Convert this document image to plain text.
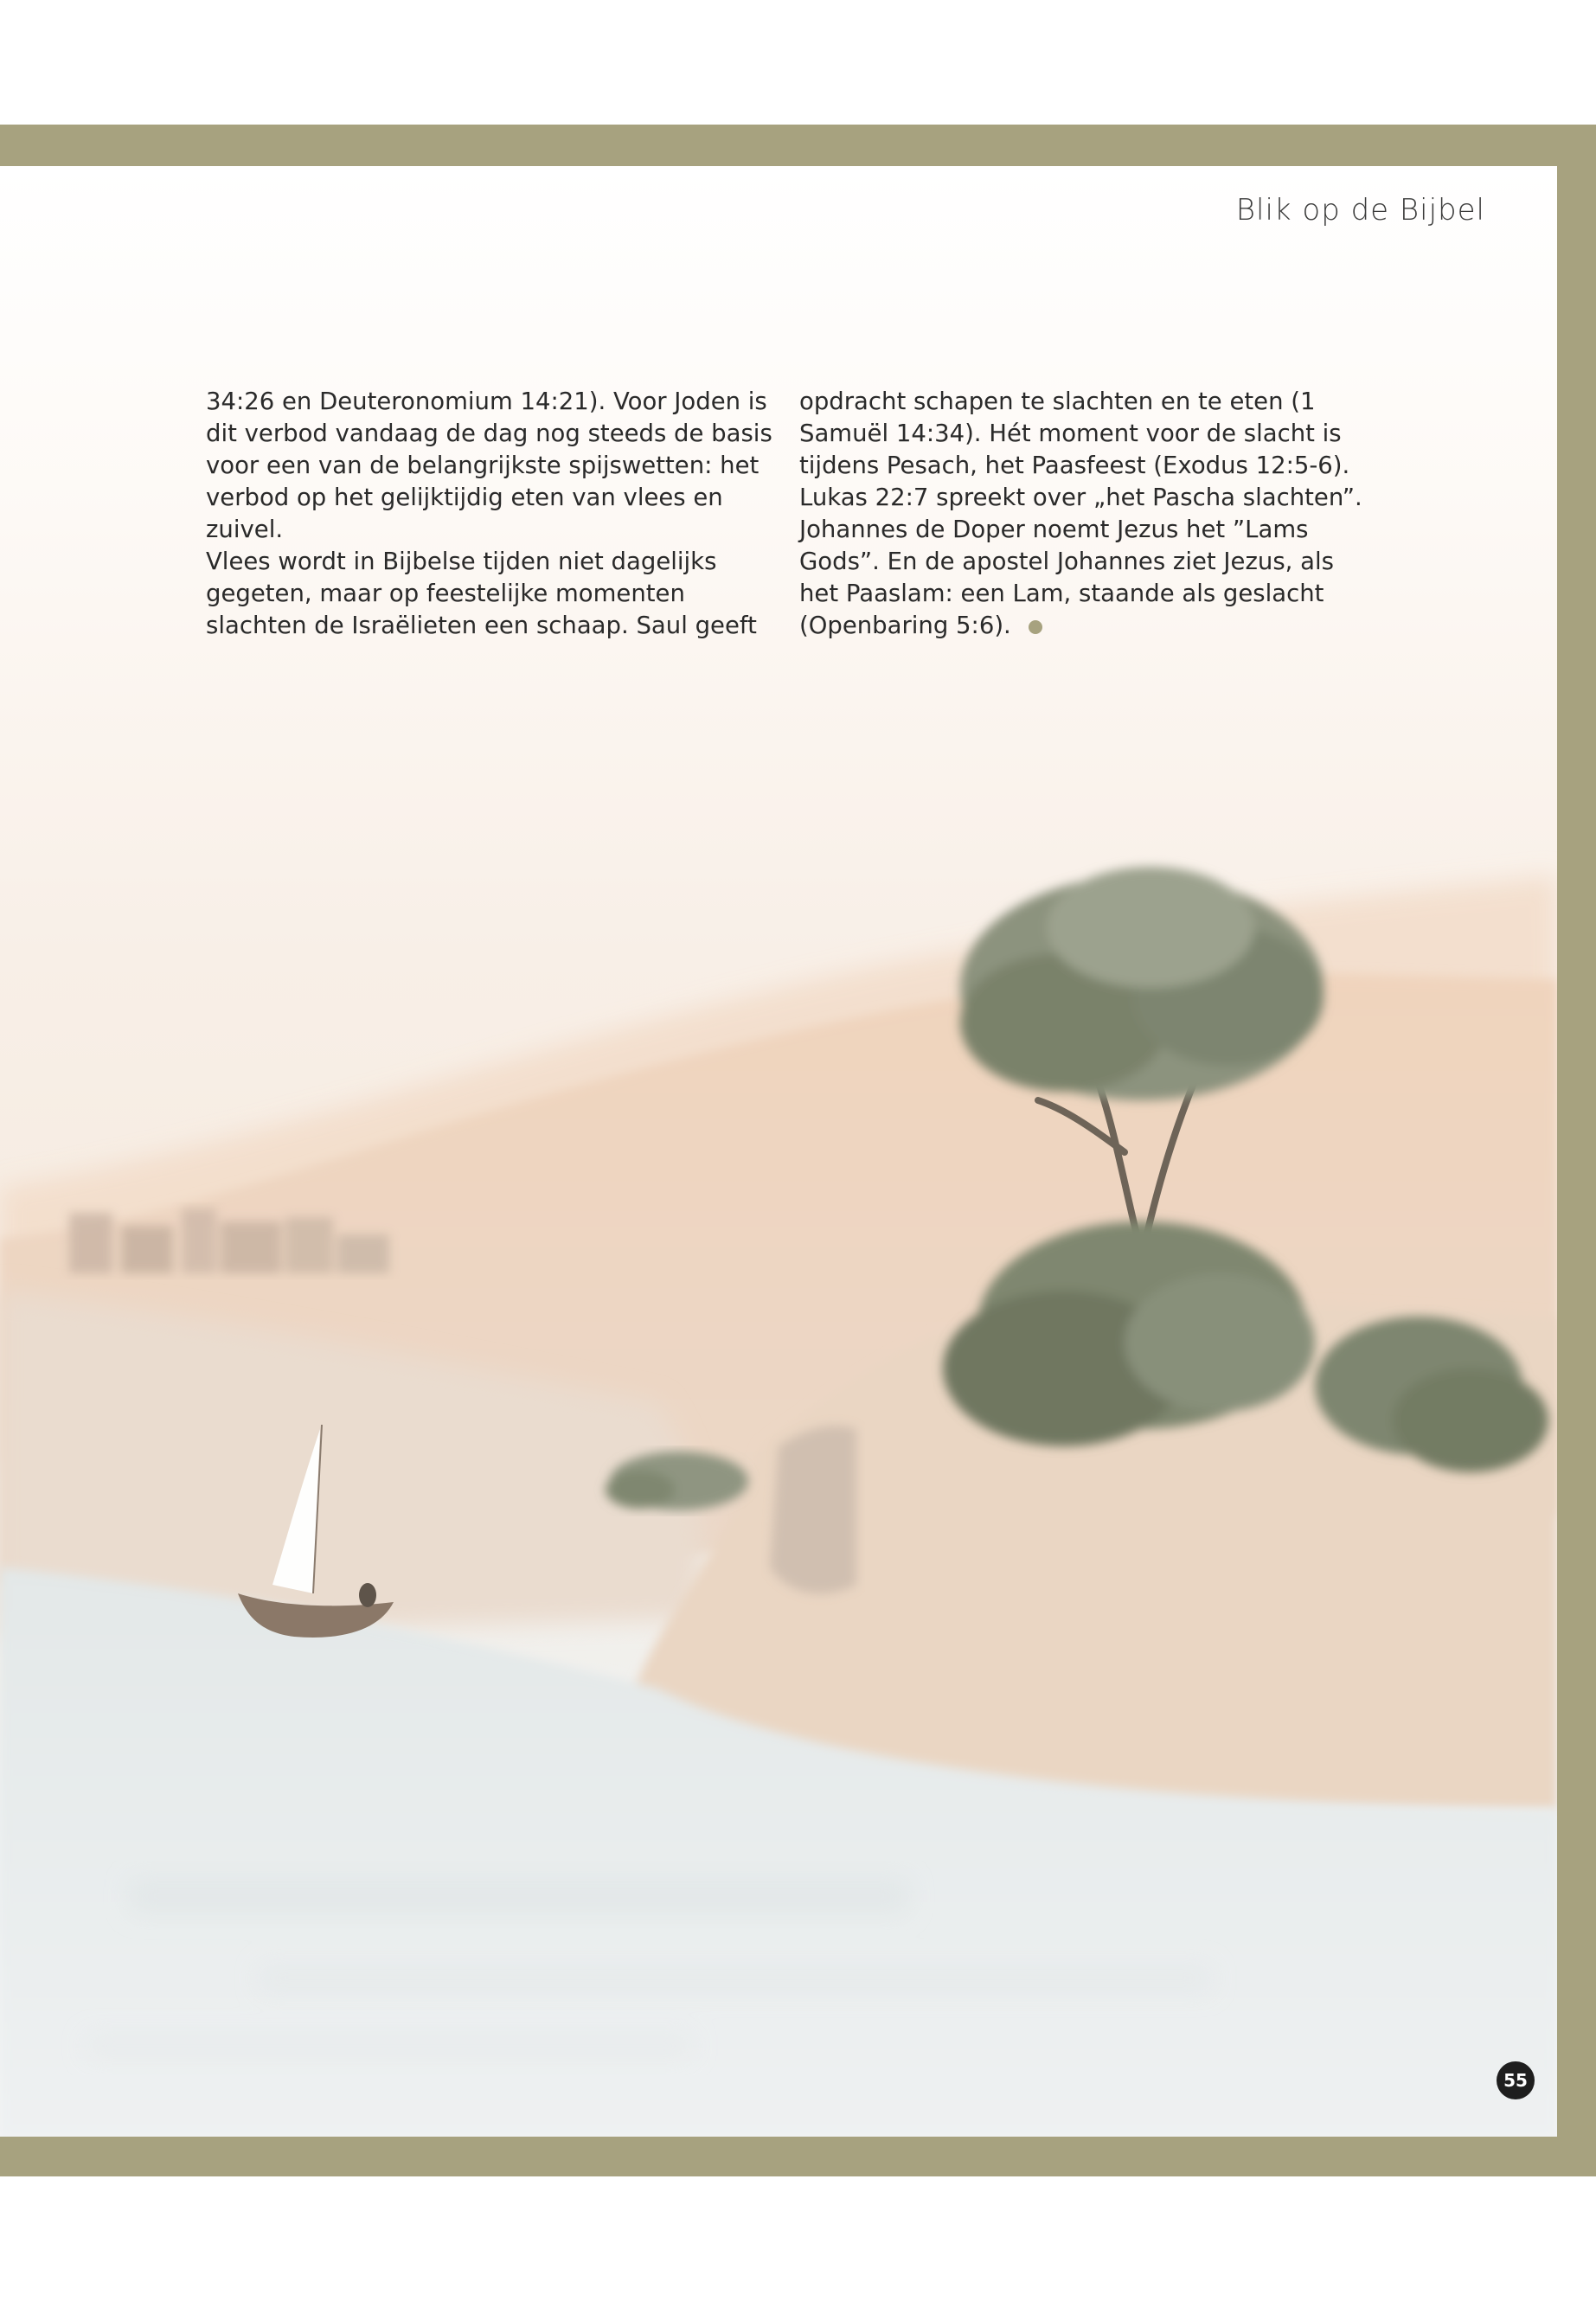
Blik op de Bijbel

34:26 en Deuteronomium 14:21). Voor Joden is dit verbod vandaag de dag nog steeds de basis voor een van de belangrijkste spijswetten: het verbod op het gelijktijdig eten van vlees en zuivel.

Vlees wordt in Bijbelse tijden niet dagelijks gegeten, maar op feestelijke momenten slachten de Israëlieten een schaap. Saul geeft

opdracht schapen te slachten en te eten (1 Samuël 14:34). Hét moment voor de slacht is tijdens Pesach, het Paasfeest (Exodus 12:5-6). Lukas 22:7 spreekt over „het Pascha slachten”. Johannes de Doper noemt Jezus het ”Lams Gods”. En de apostel Johannes ziet Jezus, als het Paaslam: een Lam, staande als geslacht (Openbaring 5:6).

55
